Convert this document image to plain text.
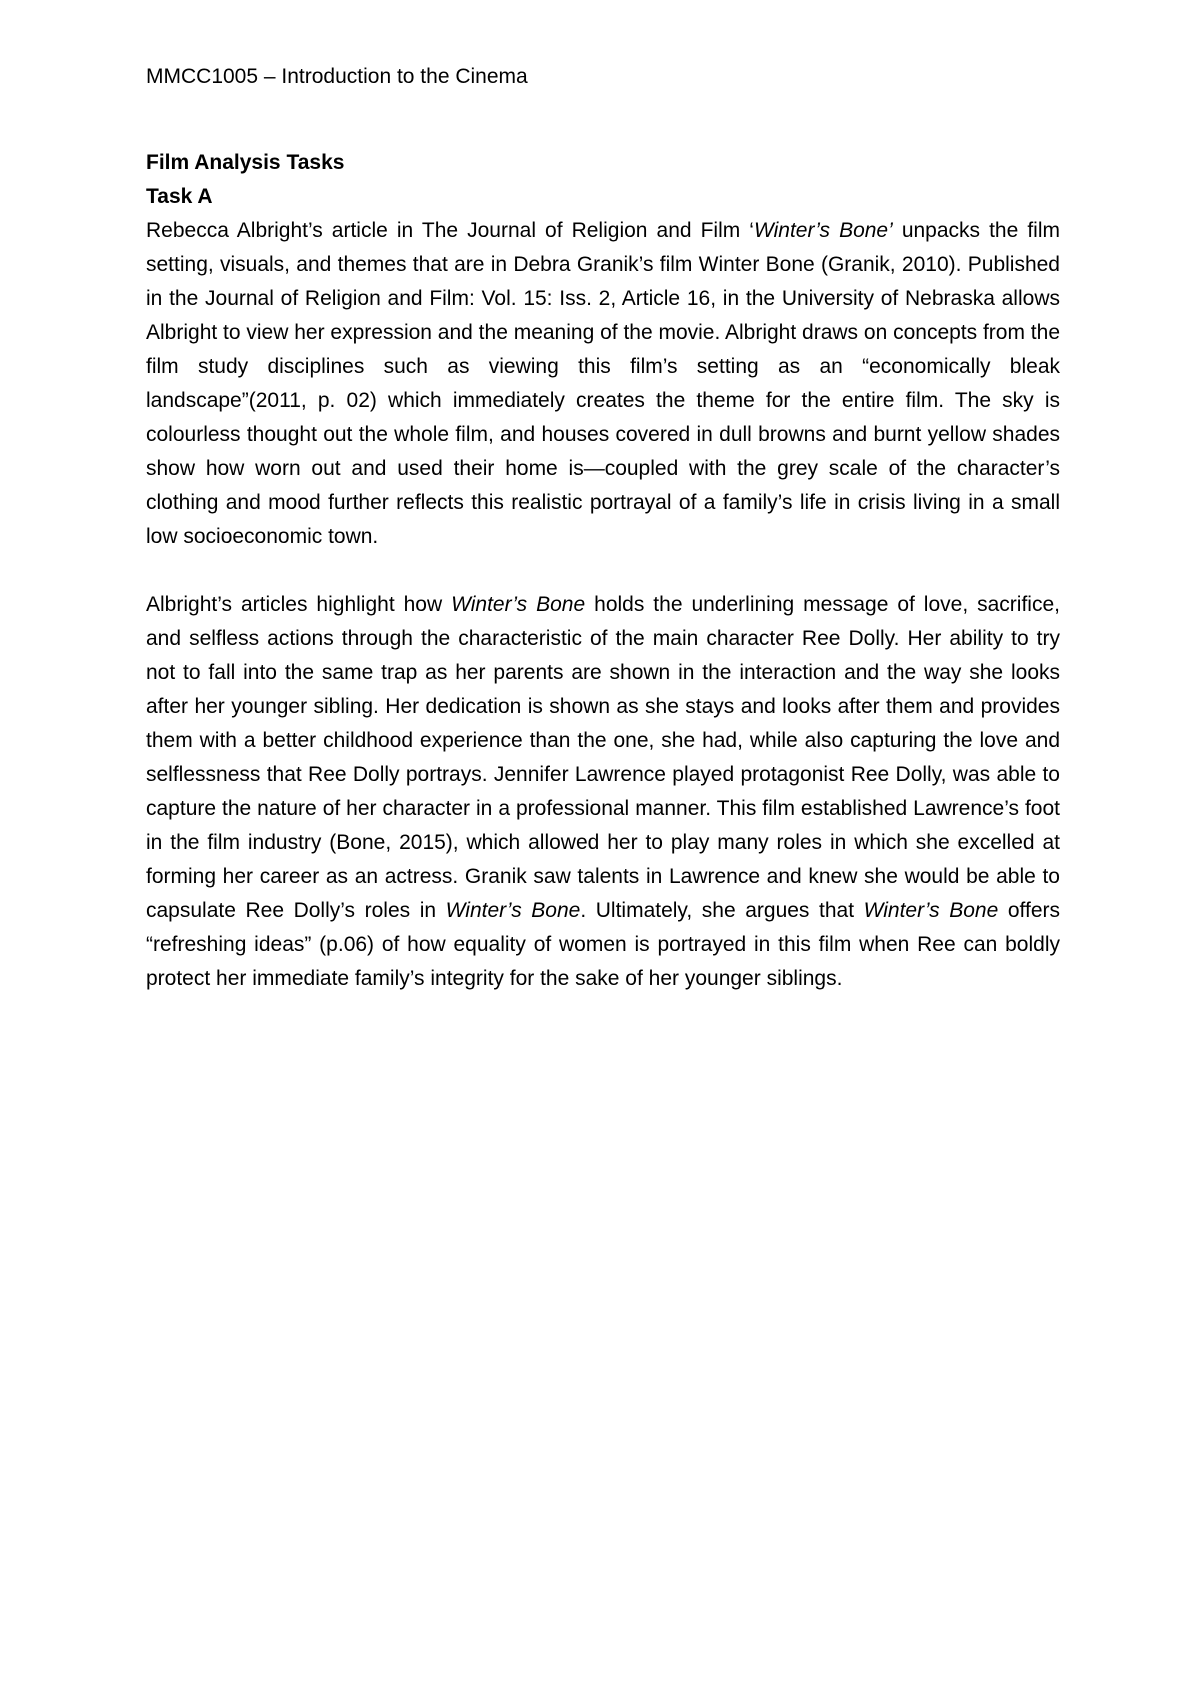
MMCC1005 – Introduction to the Cinema

Film Analysis Tasks

Task A

Rebecca Albright’s article in The Journal of Religion and Film ‘Winter’s Bone’ unpacks the film setting, visuals, and themes that are in Debra Granik’s film Winter Bone (Granik, 2010). Published in the Journal of Religion and Film: Vol. 15: Iss. 2, Article 16, in the University of Nebraska allows Albright to view her expression and the meaning of the movie. Albright draws on concepts from the film study disciplines such as viewing this film’s setting as an “economically bleak landscape”(2011, p. 02) which immediately creates the theme for the entire film. The sky is colourless thought out the whole film, and houses covered in dull browns and burnt yellow shades show how worn out and used their home is—coupled with the grey scale of the character’s clothing and mood further reflects this realistic portrayal of a family’s life in crisis living in a small low socioeconomic town.

Albright’s articles highlight how Winter’s Bone holds the underlining message of love, sacrifice, and selfless actions through the characteristic of the main character Ree Dolly. Her ability to try not to fall into the same trap as her parents are shown in the interaction and the way she looks after her younger sibling. Her dedication is shown as she stays and looks after them and provides them with a better childhood experience than the one, she had, while also capturing the love and selflessness that Ree Dolly portrays. Jennifer Lawrence played protagonist Ree Dolly, was able to capture the nature of her character in a professional manner. This film established Lawrence’s foot in the film industry (Bone, 2015), which allowed her to play many roles in which she excelled at forming her career as an actress. Granik saw talents in Lawrence and knew she would be able to capsulate Ree Dolly’s roles in Winter’s Bone. Ultimately, she argues that Winter’s Bone offers “refreshing ideas” (p.06) of how equality of women is portrayed in this film when Ree can boldly protect her immediate family’s integrity for the sake of her younger siblings.
